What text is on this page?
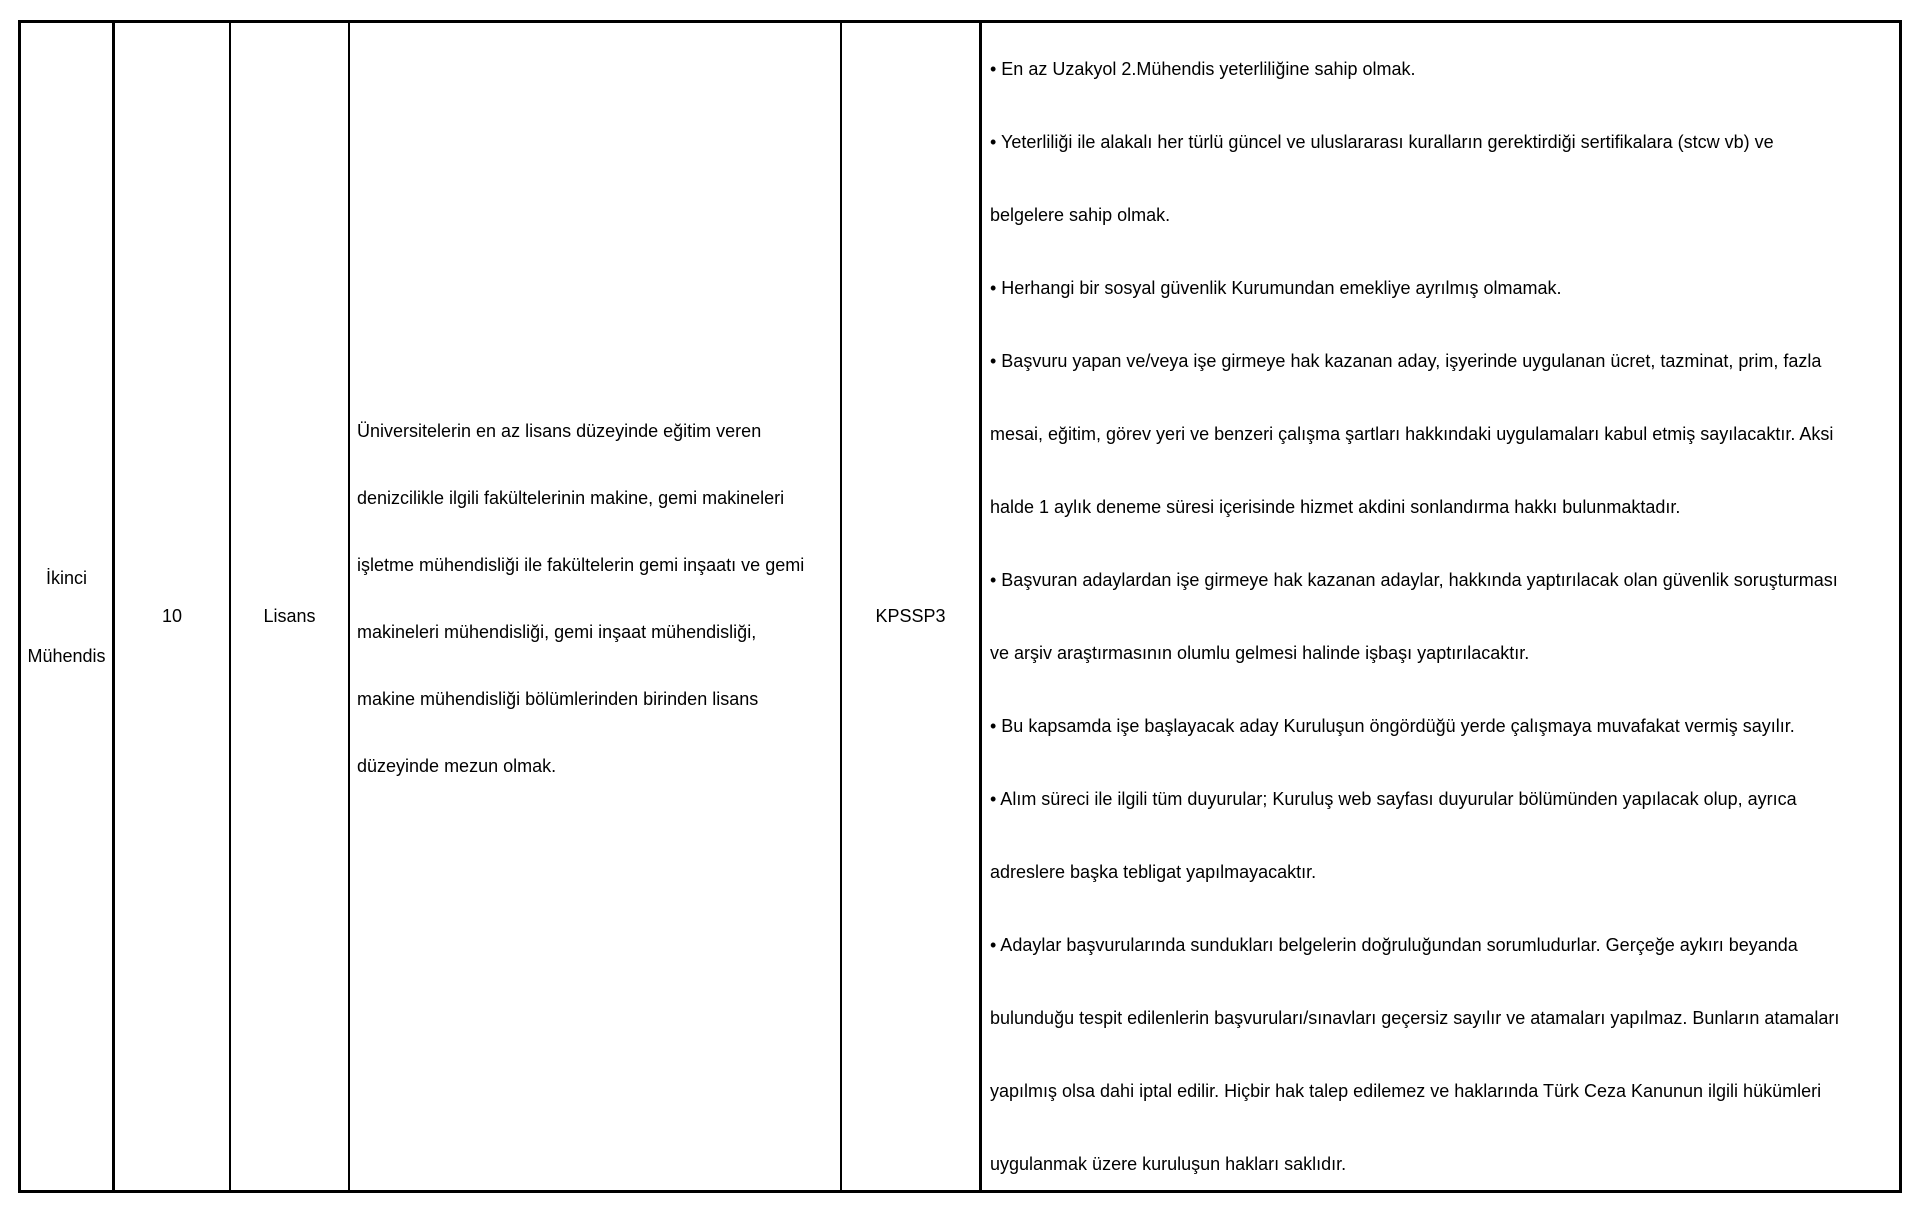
İkinci
Mühendis
10	Lisans
Üniversitelerin en az lisans düzeyinde eğitim veren
denizcilikle ilgili fakültelerinin makine, gemi makineleri
işletme mühendisliği ile fakültelerin gemi inşaatı ve gemi
makineleri mühendisliği, gemi inşaat mühendisliği,
makine mühendisliği bölümlerinden birinden lisans
düzeyinde mezun olmak.
KPSSP3
• En az Uzakyol 2.Mühendis yeterliliğine sahip olmak.
• Yeterliliği ile alakalı her türlü güncel ve uluslararası kuralların gerektirdiği sertifikalara (stcw vb) ve
belgelere sahip olmak.
• Herhangi bir sosyal güvenlik Kurumundan emekliye ayrılmış olmamak.
• Başvuru yapan ve/veya işe girmeye hak kazanan aday, işyerinde uygulanan ücret, tazminat, prim, fazla
mesai, eğitim, görev yeri ve benzeri çalışma şartları hakkındaki uygulamaları kabul etmiş sayılacaktır. Aksi
halde 1 aylık deneme süresi içerisinde hizmet akdini sonlandırma hakkı bulunmaktadır.
• Başvuran adaylardan işe girmeye hak kazanan adaylar, hakkında yaptırılacak olan güvenlik soruşturması
ve arşiv araştırmasının olumlu gelmesi halinde işbaşı yaptırılacaktır.
• Bu kapsamda işe başlayacak aday Kuruluşun öngördüğü yerde çalışmaya muvafakat vermiş sayılır.
• Alım süreci ile ilgili tüm duyurular; Kuruluş web sayfası duyurular bölümünden yapılacak olup, ayrıca
adreslere başka tebligat yapılmayacaktır.
• Adaylar başvurularında sundukları belgelerin doğruluğundan sorumludurlar. Gerçeğe aykırı beyanda
bulunduğu tespit edilenlerin başvuruları/sınavları geçersiz sayılır ve atamaları yapılmaz. Bunların atamaları
yapılmış olsa dahi iptal edilir. Hiçbir hak talep edilemez ve haklarında Türk Ceza Kanunun ilgili hükümleri
uygulanmak üzere kuruluşun hakları saklıdır.
